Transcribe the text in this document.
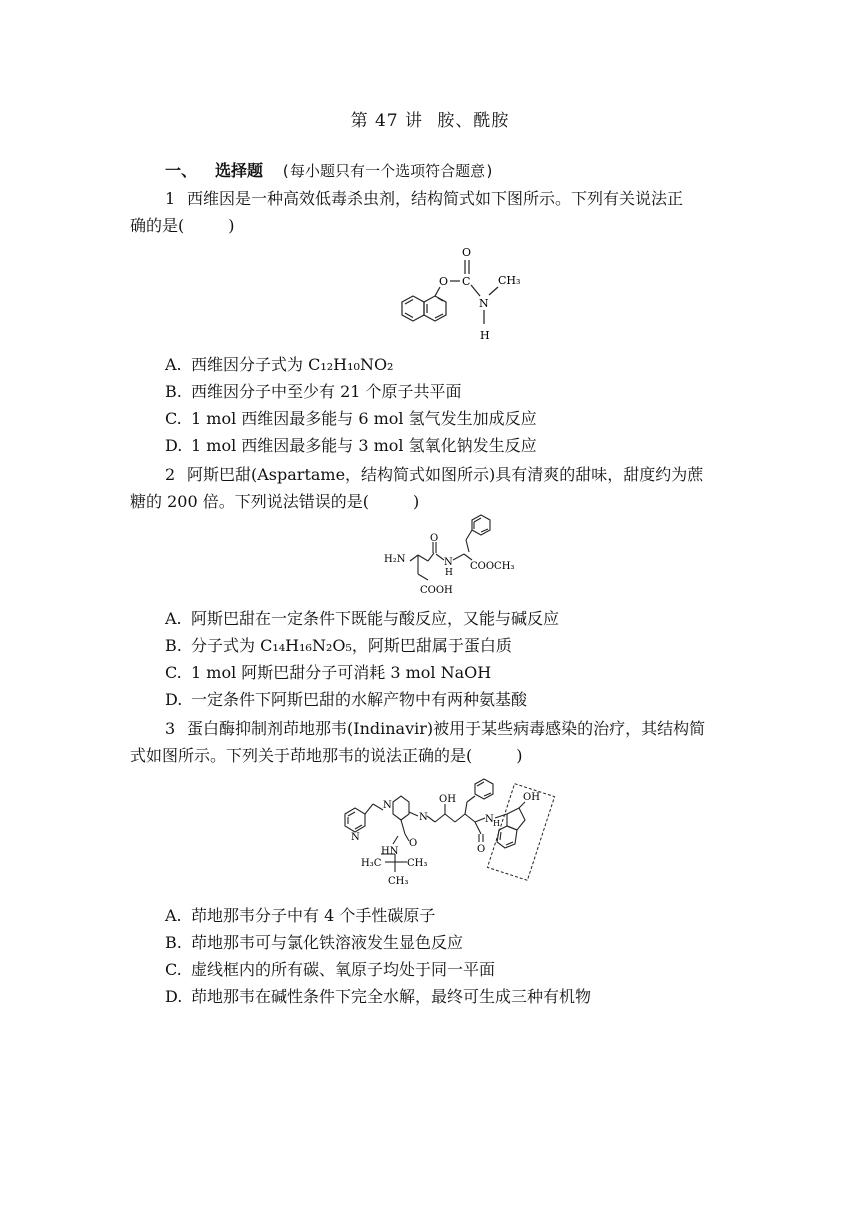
第 47 讲 胺、酰胺
一、 选择题 (每小题只有一个选项符合题意)
1 西维因是一种高效低毒杀虫剂，结构简式如下图所示。下列有关说法正
确的是(	)
O
O C
N
H
CH₃
A. 西维因分子式为 C₁₂H₁₀NO₂
B. 西维因分子中至少有 21 个原子共平面
C. 1 mol 西维因最多能与 6 mol 氢气发生加成反应
D. 1 mol 西维因最多能与 3 mol 氢氧化钠发生反应
2 阿斯巴甜(Aspartame，结构简式如图所示)具有清爽的甜味，甜度约为蔗
糖的 200 倍。下列说法错误的是(	)
H₂N
O
N
H
COOCH₃
COOH
A. 阿斯巴甜在一定条件下既能与酸反应，又能与碱反应
B. 分子式为 C₁₄H₁₆N₂O₅，阿斯巴甜属于蛋白质
C. 1 mol 阿斯巴甜分子可消耗 3 mol NaOH
D. 一定条件下阿斯巴甜的水解产物中有两种氨基酸
3 蛋白酶抑制剂茚地那韦(Indinavir)被用于某些病毒感染的治疗，其结构简
式如图所示。下列关于茚地那韦的说法正确的是(	)
N
N
N
OH
N H
O
OH
HN
O
H₃C	CH₃
CH₃
A. 茚地那韦分子中有 4 个手性碳原子
B. 茚地那韦可与氯化铁溶液发生显色反应
C. 虚线框内的所有碳、氧原子均处于同一平面
D. 茚地那韦在碱性条件下完全水解，最终可生成三种有机物
